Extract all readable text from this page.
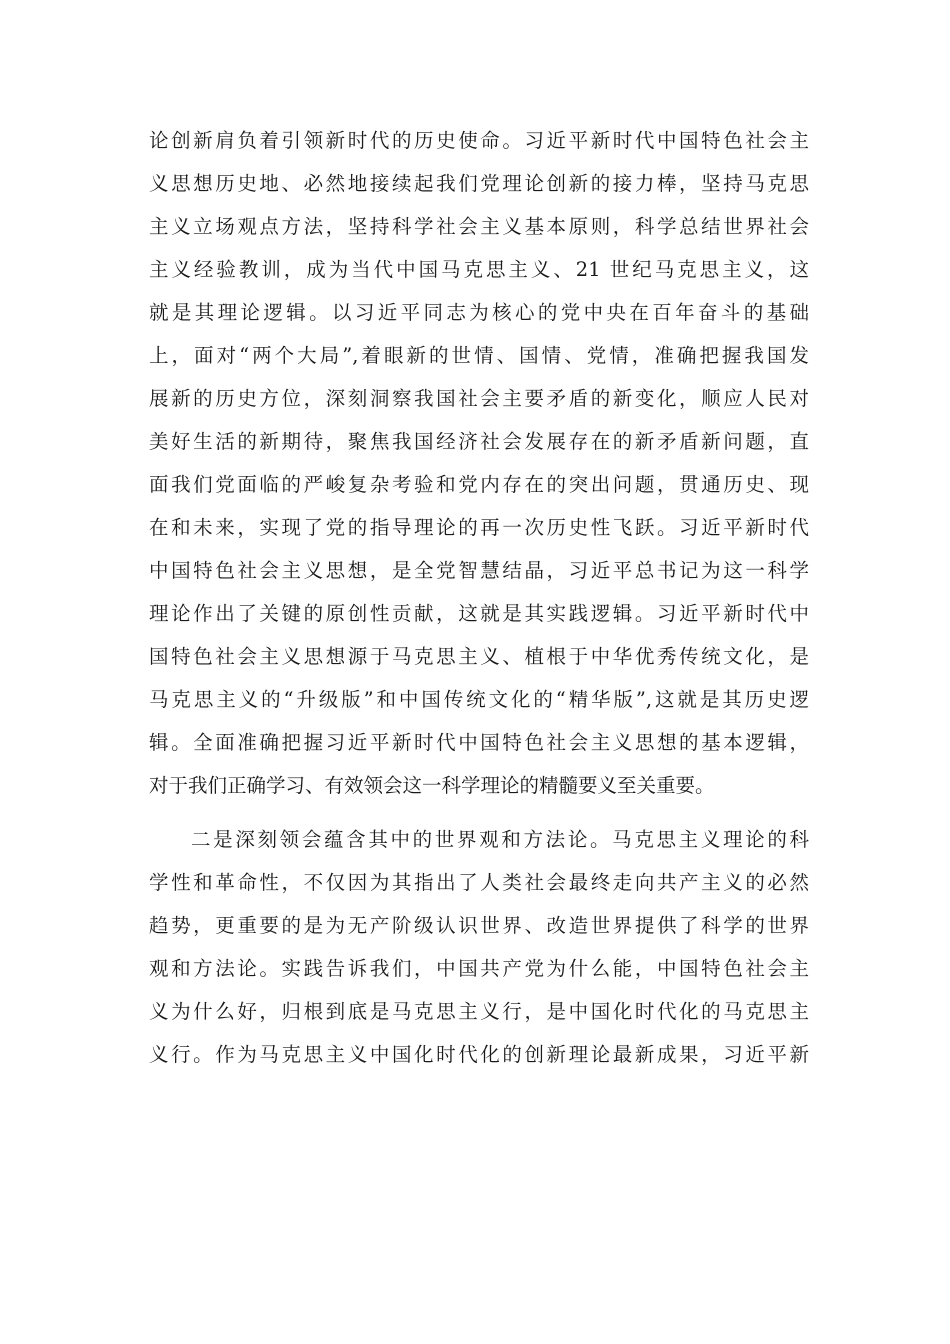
论创新肩负着引领新时代的历史使命。习近平新时代中国特色社会主
义思想历史地、必然地接续起我们党理论创新的接力棒，坚持马克思
主义立场观点方法，坚持科学社会主义基本原则，科学总结世界社会
主义经验教训，成为当代中国马克思主义、21 世纪马克思主义，这
就是其理论逻辑。以习近平同志为核心的党中央在百年奋斗的基础
上，面对“两个大局”,着眼新的世情、国情、党情，准确把握我国发
展新的历史方位，深刻洞察我国社会主要矛盾的新变化，顺应人民对
美好生活的新期待，聚焦我国经济社会发展存在的新矛盾新问题，直
面我们党面临的严峻复杂考验和党内存在的突出问题，贯通历史、现
在和未来，实现了党的指导理论的再一次历史性飞跃。习近平新时代
中国特色社会主义思想，是全党智慧结晶，习近平总书记为这一科学
理论作出了关键的原创性贡献，这就是其实践逻辑。习近平新时代中
国特色社会主义思想源于马克思主义、植根于中华优秀传统文化，是
马克思主义的“升级版”和中国传统文化的“精华版”,这就是其历史逻
辑。全面准确把握习近平新时代中国特色社会主义思想的基本逻辑，
对于我们正确学习、有效领会这一科学理论的精髓要义至关重要。
二是深刻领会蕴含其中的世界观和方法论。马克思主义理论的科
学性和革命性，不仅因为其指出了人类社会最终走向共产主义的必然
趋势，更重要的是为无产阶级认识世界、改造世界提供了科学的世界
观和方法论。实践告诉我们，中国共产党为什么能，中国特色社会主
义为什么好，归根到底是马克思主义行，是中国化时代化的马克思主
义行。作为马克思主义中国化时代化的创新理论最新成果，习近平新
